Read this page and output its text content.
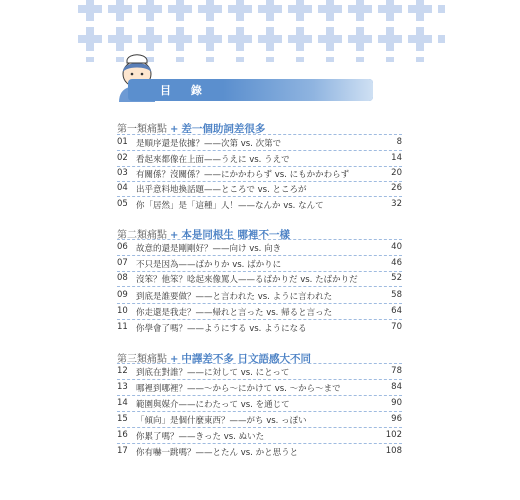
目 錄
第一類痛點 + 差一個助詞差很多
01 是順序還是依據？——次第 vs. 次第で	8
02 看起來都像在上面——うえに vs. うえで	14
03 有關係？沒關係？——にかかわらず vs. にもかかわらず	20
04 出乎意料地換話題——ところで vs. ところが	26
05 你「居然」是「這種」人！——なんか vs. なんて	32
第二類痛點 + 本是同根生 哪裡不一樣
06 故意的還是剛剛好？——向け vs. 向き	40
07 不只是因為——ばかりか vs. ばかりに	46
08 沒笨？他笨？唸起來像罵人——るばかりだ vs. たばかりだ	52
09 到底是誰要做？——と言われた vs. ように言われた	58
10 你走還是我走？——帰れと言った vs. 帰ると言った	64
11 你學會了嗎？——ようにする vs. ようになる	70
第三類痛點 + 中譯差不多 日文語感大不同
12 到底在對誰？——に対して vs. にとって	78
13 哪裡到哪裡？——～から～にかけて vs. ～から～まで	84
14 範圍與媒介——にわたって vs. を通じて	90
15 「傾向」是個什麼東西？——がち vs. っぽい	96
16 你累了嗎？——きった vs. ぬいた	102
17 你有嚇一跳嗎？——とたん vs. かと思うと	108
